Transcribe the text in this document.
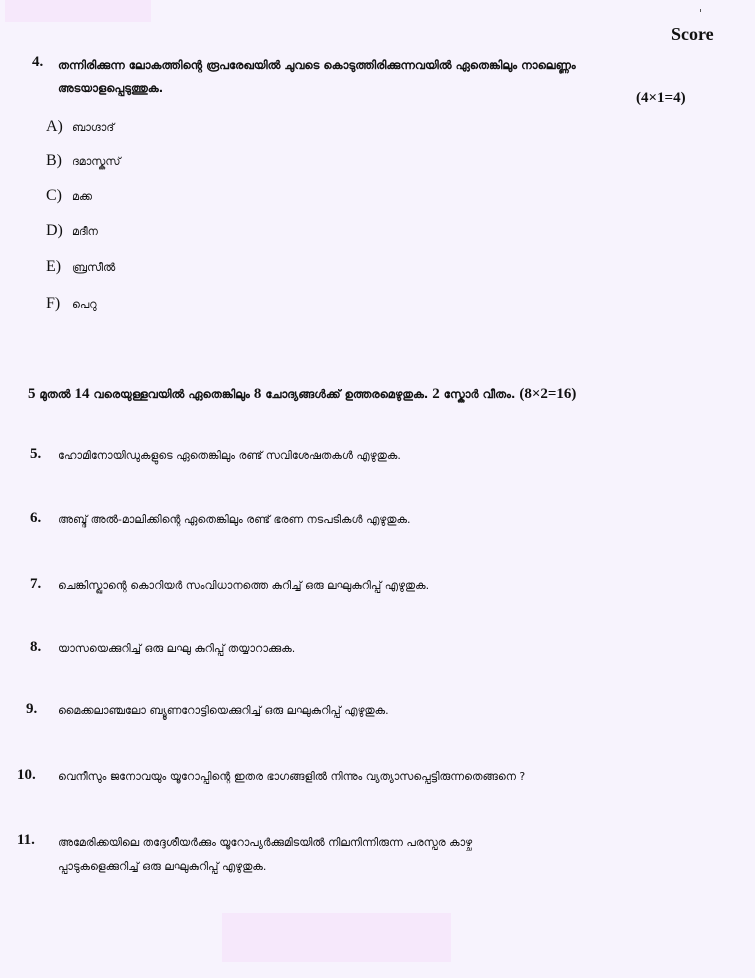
Score
4. തന്നിരിക്കുന്ന ലോകത്തിന്റെ രൂപരേഖയിൽ ചുവടെ കൊടുത്തിരിക്കുന്നവയിൽ ഏതെങ്കിലും നാലെണ്ണം
അടയാളപ്പെടുത്തുക.
(4×1=4)
A) ബാഗ്ദാദ്
B) ദമാസ്കസ്
C) മക്ക
D) മദീന
E) ബ്രസീൽ
F) പെറു
5 മുതൽ 14 വരെയുള്ളവയിൽ ഏതെങ്കിലും 8 ചോദ്യങ്ങൾക്ക് ഉത്തരമെഴുതുക. 2 സ്കോർ വീതം. (8×2=16)
5. ഹോമിനോയിഡുകളുടെ ഏതെങ്കിലും രണ്ട് സവിശേഷതകൾ എഴുതുക.
6. അബ്ദ് അൽ-മാലിക്കിന്റെ ഏതെങ്കിലും രണ്ട് ഭരണ നടപടികൾ എഴുതുക.
7. ചെങ്കിസ്ഖാന്റെ കൊറിയർ സംവിധാനത്തെ കുറിച്ച് ഒരു ലഘുകുറിപ്പ് എഴുതുക.
8. യാസയെക്കുറിച്ച് ഒരു ലഘു കുറിപ്പ് തയ്യാറാക്കുക.
9. മൈക്കലാഞ്ചലോ ബ്യൂണറോട്ടിയെക്കുറിച്ച് ഒരു ലഘുകുറിപ്പ് എഴുതുക.
10. വെനീസും ജനോവയും യൂറോപ്പിന്റെ ഇതര ഭാഗങ്ങളിൽ നിന്നും വ്യത്യാസപ്പെട്ടിരുന്നതെങ്ങനെ ?
11. അമേരിക്കയിലെ തദ്ദേശീയർക്കും യൂറോപ്യർക്കുമിടയിൽ നിലനിന്നിരുന്ന പരസ്പര കാഴ്ച
പ്പാടുകളെക്കുറിച്ച് ഒരു ലഘുകുറിപ്പ് എഴുതുക.
